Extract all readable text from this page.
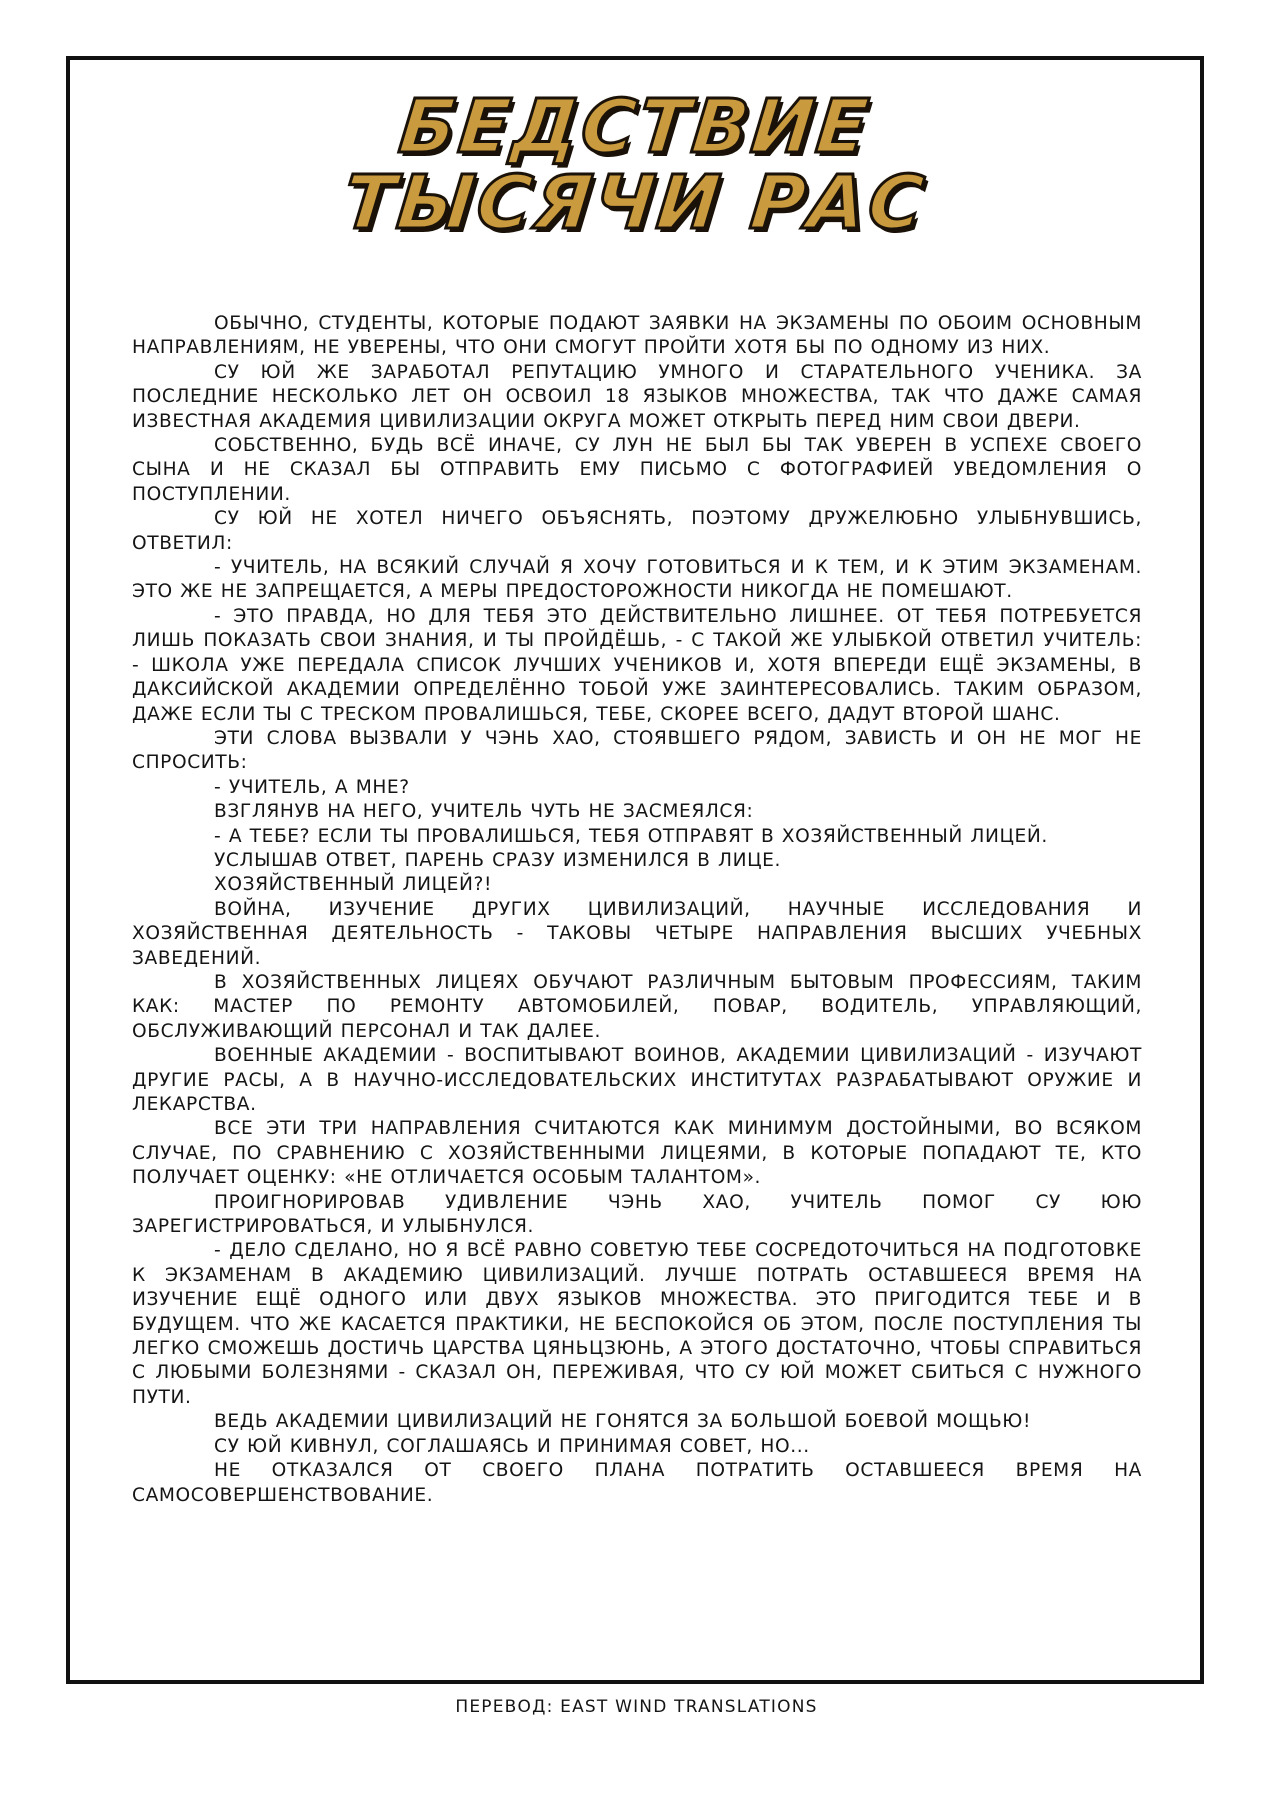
БЕДСТВИЕ
ТЫСЯЧИ РАС

ОБЫЧНО, СТУДЕНТЫ, КОТОРЫЕ ПОДАЮТ ЗАЯВКИ НА ЭКЗАМЕНЫ ПО ОБОИМ ОСНОВНЫМ НАПРАВЛЕНИЯМ, НЕ УВЕРЕНЫ, ЧТО ОНИ СМОГУТ ПРОЙТИ ХОТЯ БЫ ПО ОДНОМУ ИЗ НИХ.

СУ ЮЙ ЖЕ ЗАРАБОТАЛ РЕПУТАЦИЮ УМНОГО И СТАРАТЕЛЬНОГО УЧЕНИКА. ЗА ПОСЛЕДНИЕ НЕСКОЛЬКО ЛЕТ ОН ОСВОИЛ 18 ЯЗЫКОВ МНОЖЕСТВА, ТАК ЧТО ДАЖЕ САМАЯ ИЗВЕСТНАЯ АКАДЕМИЯ ЦИВИЛИЗАЦИИ ОКРУГА МОЖЕТ ОТКРЫТЬ ПЕРЕД НИМ СВОИ ДВЕРИ.

СОБСТВЕННО, БУДЬ ВСЁ ИНАЧЕ, СУ ЛУН НЕ БЫЛ БЫ ТАК УВЕРЕН В УСПЕХЕ СВОЕГО СЫНА И НЕ СКАЗАЛ БЫ ОТПРАВИТЬ ЕМУ ПИСЬМО С ФОТОГРАФИЕЙ УВЕДОМЛЕНИЯ О ПОСТУПЛЕНИИ.

СУ ЮЙ НЕ ХОТЕЛ НИЧЕГО ОБЪЯСНЯТЬ, ПОЭТОМУ ДРУЖЕЛЮБНО УЛЫБНУВШИСЬ, ОТВЕТИЛ:

- УЧИТЕЛЬ, НА ВСЯКИЙ СЛУЧАЙ Я ХОЧУ ГОТОВИТЬСЯ И К ТЕМ, И К ЭТИМ ЭКЗАМЕНАМ. ЭТО ЖЕ НЕ ЗАПРЕЩАЕТСЯ, А МЕРЫ ПРЕДОСТОРОЖНОСТИ НИКОГДА НЕ ПОМЕШАЮТ.

- ЭТО ПРАВДА, НО ДЛЯ ТЕБЯ ЭТО ДЕЙСТВИТЕЛЬНО ЛИШНЕЕ. ОТ ТЕБЯ ПОТРЕБУЕТСЯ ЛИШЬ ПОКАЗАТЬ СВОИ ЗНАНИЯ, И ТЫ ПРОЙДЁШЬ, - С ТАКОЙ ЖЕ УЛЫБКОЙ ОТВЕТИЛ УЧИТЕЛЬ: - ШКОЛА УЖЕ ПЕРЕДАЛА СПИСОК ЛУЧШИХ УЧЕНИКОВ И, ХОТЯ ВПЕРЕДИ ЕЩЁ ЭКЗАМЕНЫ, В ДАКСИЙСКОЙ АКАДЕМИИ ОПРЕДЕЛЁННО ТОБОЙ УЖЕ ЗАИНТЕРЕСОВАЛИСЬ. ТАКИМ ОБРАЗОМ, ДАЖЕ ЕСЛИ ТЫ С ТРЕСКОМ ПРОВАЛИШЬСЯ, ТЕБЕ, СКОРЕЕ ВСЕГО, ДАДУТ ВТОРОЙ ШАНС.

ЭТИ СЛОВА ВЫЗВАЛИ У ЧЭНЬ ХАО, СТОЯВШЕГО РЯДОМ, ЗАВИСТЬ И ОН НЕ МОГ НЕ СПРОСИТЬ:

- УЧИТЕЛЬ, А МНЕ?

ВЗГЛЯНУВ НА НЕГО, УЧИТЕЛЬ ЧУТЬ НЕ ЗАСМЕЯЛСЯ:

- А ТЕБЕ? ЕСЛИ ТЫ ПРОВАЛИШЬСЯ, ТЕБЯ ОТПРАВЯТ В ХОЗЯЙСТВЕННЫЙ ЛИЦЕЙ.

УСЛЫШАВ ОТВЕТ, ПАРЕНЬ СРАЗУ ИЗМЕНИЛСЯ В ЛИЦЕ.

ХОЗЯЙСТВЕННЫЙ ЛИЦЕЙ?!

ВОЙНА, ИЗУЧЕНИЕ ДРУГИХ ЦИВИЛИЗАЦИЙ, НАУЧНЫЕ ИССЛЕДОВАНИЯ И ХОЗЯЙСТВЕННАЯ ДЕЯТЕЛЬНОСТЬ - ТАКОВЫ ЧЕТЫРЕ НАПРАВЛЕНИЯ ВЫСШИХ УЧЕБНЫХ ЗАВЕДЕНИЙ.

В ХОЗЯЙСТВЕННЫХ ЛИЦЕЯХ ОБУЧАЮТ РАЗЛИЧНЫМ БЫТОВЫМ ПРОФЕССИЯМ, ТАКИМ КАК: МАСТЕР ПО РЕМОНТУ АВТОМОБИЛЕЙ, ПОВАР, ВОДИТЕЛЬ, УПРАВЛЯЮЩИЙ, ОБСЛУЖИВАЮЩИЙ ПЕРСОНАЛ И ТАК ДАЛЕЕ.

ВОЕННЫЕ АКАДЕМИИ - ВОСПИТЫВАЮТ ВОИНОВ, АКАДЕМИИ ЦИВИЛИЗАЦИЙ - ИЗУЧАЮТ ДРУГИЕ РАСЫ, А В НАУЧНО-ИССЛЕДОВАТЕЛЬСКИХ ИНСТИТУТАХ РАЗРАБАТЫВАЮТ ОРУЖИЕ И ЛЕКАРСТВА.

ВСЕ ЭТИ ТРИ НАПРАВЛЕНИЯ СЧИТАЮТСЯ КАК МИНИМУМ ДОСТОЙНЫМИ, ВО ВСЯКОМ СЛУЧАЕ, ПО СРАВНЕНИЮ С ХОЗЯЙСТВЕННЫМИ ЛИЦЕЯМИ, В КОТОРЫЕ ПОПАДАЮТ ТЕ, КТО ПОЛУЧАЕТ ОЦЕНКУ: «НЕ ОТЛИЧАЕТСЯ ОСОБЫМ ТАЛАНТОМ».

ПРОИГНОРИРОВАВ УДИВЛЕНИЕ ЧЭНЬ ХАО, УЧИТЕЛЬ ПОМОГ СУ ЮЮ ЗАРЕГИСТРИРОВАТЬСЯ, И УЛЫБНУЛСЯ.

- ДЕЛО СДЕЛАНО, НО Я ВСЁ РАВНО СОВЕТУЮ ТЕБЕ СОСРЕДОТОЧИТЬСЯ НА ПОДГОТОВКЕ К ЭКЗАМЕНАМ В АКАДЕМИЮ ЦИВИЛИЗАЦИЙ. ЛУЧШЕ ПОТРАТЬ ОСТАВШЕЕСЯ ВРЕМЯ НА ИЗУЧЕНИЕ ЕЩЁ ОДНОГО ИЛИ ДВУХ ЯЗЫКОВ МНОЖЕСТВА. ЭТО ПРИГОДИТСЯ ТЕБЕ И В БУДУЩЕМ. ЧТО ЖЕ КАСАЕТСЯ ПРАКТИКИ, НЕ БЕСПОКОЙСЯ ОБ ЭТОМ, ПОСЛЕ ПОСТУПЛЕНИЯ ТЫ ЛЕГКО СМОЖЕШЬ ДОСТИЧЬ ЦАРСТВА ЦЯНЬЦЗЮНЬ, А ЭТОГО ДОСТАТОЧНО, ЧТОБЫ СПРАВИТЬСЯ С ЛЮБЫМИ БОЛЕЗНЯМИ - СКАЗАЛ ОН, ПЕРЕЖИВАЯ, ЧТО СУ ЮЙ МОЖЕТ СБИТЬСЯ С НУЖНОГО ПУТИ.

ВЕДЬ АКАДЕМИИ ЦИВИЛИЗАЦИЙ НЕ ГОНЯТСЯ ЗА БОЛЬШОЙ БОЕВОЙ МОЩЬЮ!

СУ ЮЙ КИВНУЛ, СОГЛАШАЯСЬ И ПРИНИМАЯ СОВЕТ, НО...

НЕ ОТКАЗАЛСЯ ОТ СВОЕГО ПЛАНА ПОТРАТИТЬ ОСТАВШЕЕСЯ ВРЕМЯ НА САМОСОВЕРШЕНСТВОВАНИЕ.

ПЕРЕВОД: EAST WIND TRANSLATIONS
